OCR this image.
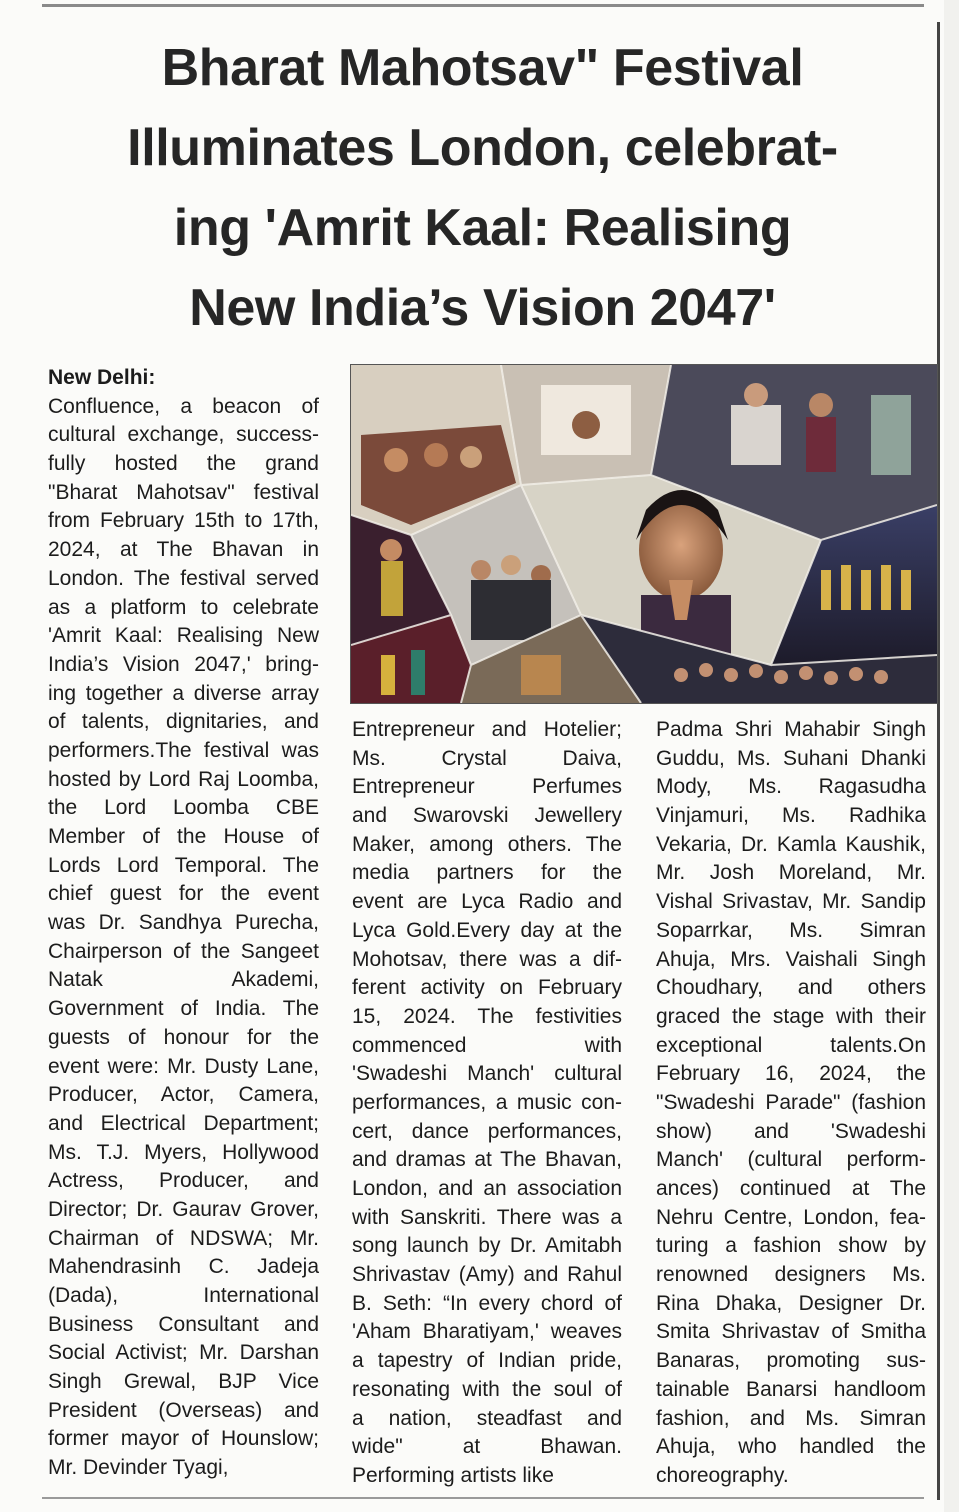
Bharat Mahotsav" Festival
Illuminates London, celebrat-
ing 'Amrit Kaal: Realising
New India’s Vision 2047'
New Delhi:
Confluence, a beacon of
cultural exchange, success-
fully hosted the grand
"Bharat Mahotsav" festival
from February 15th to 17th,
2024, at The Bhavan in
London. The festival served
as a platform to celebrate
'Amrit Kaal: Realising New
India’s Vision 2047,' bring-
ing together a diverse array
of talents, dignitaries, and
performers.The festival was
hosted by Lord Raj Loomba,
the Lord Loomba CBE
Member of the House of
Lords Lord Temporal. The
chief guest for the event
was Dr. Sandhya Purecha,
Chairperson of the Sangeet
Natak Akademi,
Government of India. The
guests of honour for the
event were: Mr. Dusty Lane,
Producer, Actor, Camera,
and Electrical Department;
Ms. T.J. Myers, Hollywood
Actress, Producer, and
Director; Dr. Gaurav Grover,
Chairman of NDSWA; Mr.
Mahendrasinh C. Jadeja
(Dada), International
Business Consultant and
Social Activist; Mr. Darshan
Singh Grewal, BJP Vice
President (Overseas) and
former mayor of Hounslow;
Mr. Devinder Tyagi,
Entrepreneur and Hotelier;
Ms. Crystal Daiva,
Entrepreneur Perfumes
and Swarovski Jewellery
Maker, among others. The
media partners for the
event are Lyca Radio and
Lyca Gold.Every day at the
Mohotsav, there was a dif-
ferent activity on February
15, 2024. The festivities
commenced with
'Swadeshi Manch' cultural
performances, a music con-
cert, dance performances,
and dramas at The Bhavan,
London, and an association
with Sanskriti. There was a
song launch by Dr. Amitabh
Shrivastav (Amy) and Rahul
B. Seth: “In every chord of
'Aham Bharatiyam,' weaves
a tapestry of Indian pride,
resonating with the soul of
a nation, steadfast and
wide" at Bhawan.
Performing artists like
Padma Shri Mahabir Singh
Guddu, Ms. Suhani Dhanki
Mody, Ms. Ragasudha
Vinjamuri, Ms. Radhika
Vekaria, Dr. Kamla Kaushik,
Mr. Josh Moreland, Mr.
Vishal Srivastav, Mr. Sandip
Soparrkar, Ms. Simran
Ahuja, Mrs. Vaishali Singh
Choudhary, and others
graced the stage with their
exceptional talents.On
February 16, 2024, the
"Swadeshi Parade" (fashion
show) and 'Swadeshi
Manch' (cultural perform-
ances) continued at The
Nehru Centre, London, fea-
turing a fashion show by
renowned designers Ms.
Rina Dhaka, Designer Dr.
Smita Shrivastav of Smitha
Banaras, promoting sus-
tainable Banarsi handloom
fashion, and Ms. Simran
Ahuja, who handled the
choreography.
